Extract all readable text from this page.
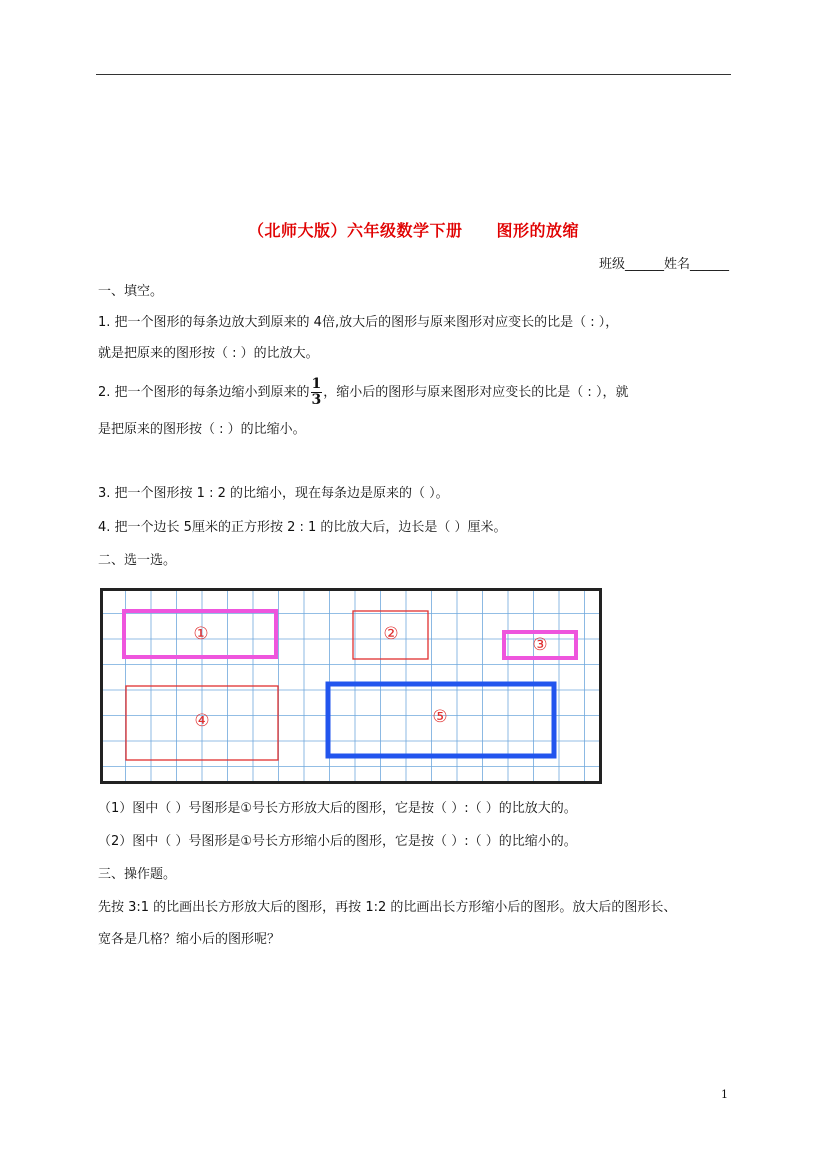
（北师大版）六年级数学下册 图形的放缩
班级______姓名______
一、填空。
1. 把一个图形的每条边放大到原来的 4倍,放大后的图形与原来图形对应变长的比是（ : ），
就是把原来的图形按（ : ）的比放大。
2. 把一个图形的每条边缩小到原来的 $\frac{1}{3}$ ，缩小后的图形与原来图形对应变长的比是（ : ），就
是把原来的图形按（ : ）的比缩小。
3. 把一个图形按 1 : 2 的比缩小，现在每条边是原来的（ ）。
4. 把一个边长 5厘米的正方形按 2 : 1 的比放大后，边长是（ ）厘米。
二、选一选。
①	②
③
④	⑤
（1）图中（ ）号图形是①号长方形放大后的图形，它是按（ ）:（ ）的比放大的。
（2）图中（ ）号图形是①号长方形缩小后的图形，它是按（ ）:（ ）的比缩小的。
三、操作题。
先按 3:1 的比画出长方形放大后的图形，再按 1:2 的比画出长方形缩小后的图形。放大后的图形长、
宽各是几格？缩小后的图形呢？
1
